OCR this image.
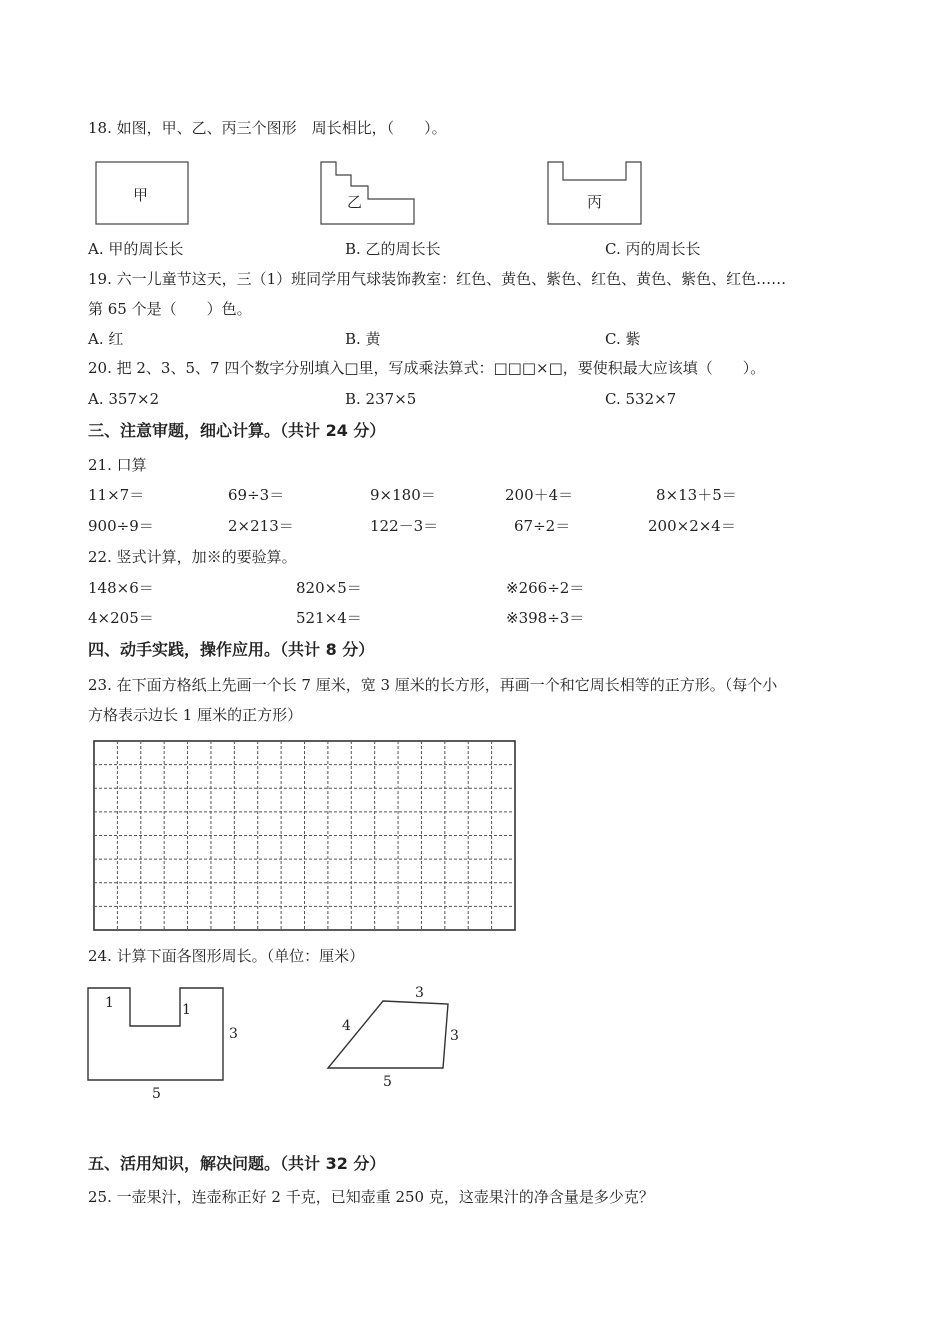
18. 如图，甲、乙、丙三个图形　周长相比，（　　）。
甲	乙	丙
A. 甲的周长长	B. 乙的周长长	C. 丙的周长长
19. 六一儿童节这天，三（1）班同学用气球装饰教室：红色、黄色、紫色、红色、黄色、紫色、红色……
第 65 个是（　　）色。
A. 红	B. 黄	C. 紫
20. 把 2、3、5、7 四个数字分别填入□里，写成乘法算式：□□□×□，要使积最大应该填（　　）。
A. 357×2	B. 237×5	C. 532×7
三、注意审题，细心计算。（共计 24 分）
21. 口算
11×7＝	69÷3＝	9×180＝	200＋4＝	8×13＋5＝
900÷9＝	2×213＝	122－3＝	67÷2＝	200×2×4＝
22. 竖式计算，加※的要验算。
148×6＝	820×5＝	※266÷2＝
4×205＝	521×4＝	※398÷3＝
四、动手实践，操作应用。（共计 8 分）
23. 在下面方格纸上先画一个长 7 厘米，宽 3 厘米的长方形，再画一个和它周长相等的正方形。（每个小
方格表示边长 1 厘米的正方形）
24. 计算下面各图形周长。（单位：厘米）
1	1
3
5
3
4
3
5
五、活用知识，解决问题。（共计 32 分）
25. 一壶果汁，连壶称正好 2 千克，已知壶重 250 克，这壶果汁的净含量是多少克？
